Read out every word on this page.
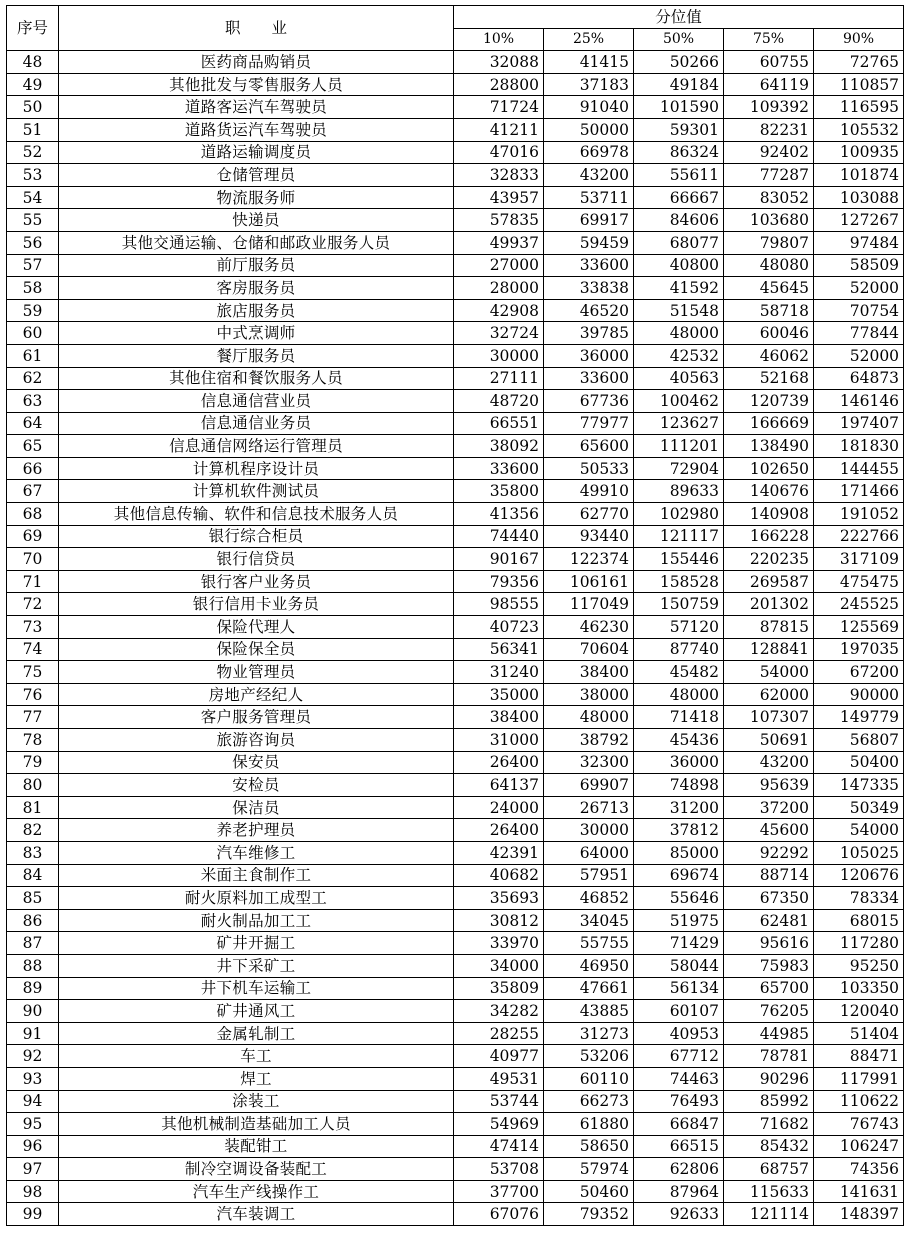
序号	职　　业	分位值				
		10%	25%	50%	75%	90%
48	医药商品购销员	32088	41415	50266	60755	72765
49	其他批发与零售服务人员	28800	37183	49184	64119	110857
50	道路客运汽车驾驶员	71724	91040	101590	109392	116595
51	道路货运汽车驾驶员	41211	50000	59301	82231	105532
52	道路运输调度员	47016	66978	86324	92402	100935
53	仓储管理员	32833	43200	55611	77287	101874
54	物流服务师	43957	53711	66667	83052	103088
55	快递员	57835	69917	84606	103680	127267
56	其他交通运输、仓储和邮政业服务人员	49937	59459	68077	79807	97484
57	前厅服务员	27000	33600	40800	48080	58509
58	客房服务员	28000	33838	41592	45645	52000
59	旅店服务员	42908	46520	51548	58718	70754
60	中式烹调师	32724	39785	48000	60046	77844
61	餐厅服务员	30000	36000	42532	46062	52000
62	其他住宿和餐饮服务人员	27111	33600	40563	52168	64873
63	信息通信营业员	48720	67736	100462	120739	146146
64	信息通信业务员	66551	77977	123627	166669	197407
65	信息通信网络运行管理员	38092	65600	111201	138490	181830
66	计算机程序设计员	33600	50533	72904	102650	144455
67	计算机软件测试员	35800	49910	89633	140676	171466
68	其他信息传输、软件和信息技术服务人员	41356	62770	102980	140908	191052
69	银行综合柜员	74440	93440	121117	166228	222766
70	银行信贷员	90167	122374	155446	220235	317109
71	银行客户业务员	79356	106161	158528	269587	475475
72	银行信用卡业务员	98555	117049	150759	201302	245525
73	保险代理人	40723	46230	57120	87815	125569
74	保险保全员	56341	70604	87740	128841	197035
75	物业管理员	31240	38400	45482	54000	67200
76	房地产经纪人	35000	38000	48000	62000	90000
77	客户服务管理员	38400	48000	71418	107307	149779
78	旅游咨询员	31000	38792	45436	50691	56807
79	保安员	26400	32300	36000	43200	50400
80	安检员	64137	69907	74898	95639	147335
81	保洁员	24000	26713	31200	37200	50349
82	养老护理员	26400	30000	37812	45600	54000
83	汽车维修工	42391	64000	85000	92292	105025
84	米面主食制作工	40682	57951	69674	88714	120676
85	耐火原料加工成型工	35693	46852	55646	67350	78334
86	耐火制品加工工	30812	34045	51975	62481	68015
87	矿井开掘工	33970	55755	71429	95616	117280
88	井下采矿工	34000	46950	58044	75983	95250
89	井下机车运输工	35809	47661	56134	65700	103350
90	矿井通风工	34282	43885	60107	76205	120040
91	金属轧制工	28255	31273	40953	44985	51404
92	车工	40977	53206	67712	78781	88471
93	焊工	49531	60110	74463	90296	117991
94	涂装工	53744	66273	76493	85992	110622
95	其他机械制造基础加工人员	54969	61880	66847	71682	76743
96	装配钳工	47414	58650	66515	85432	106247
97	制冷空调设备装配工	53708	57974	62806	68757	74356
98	汽车生产线操作工	37700	50460	87964	115633	141631
99	汽车装调工	67076	79352	92633	121114	148397
